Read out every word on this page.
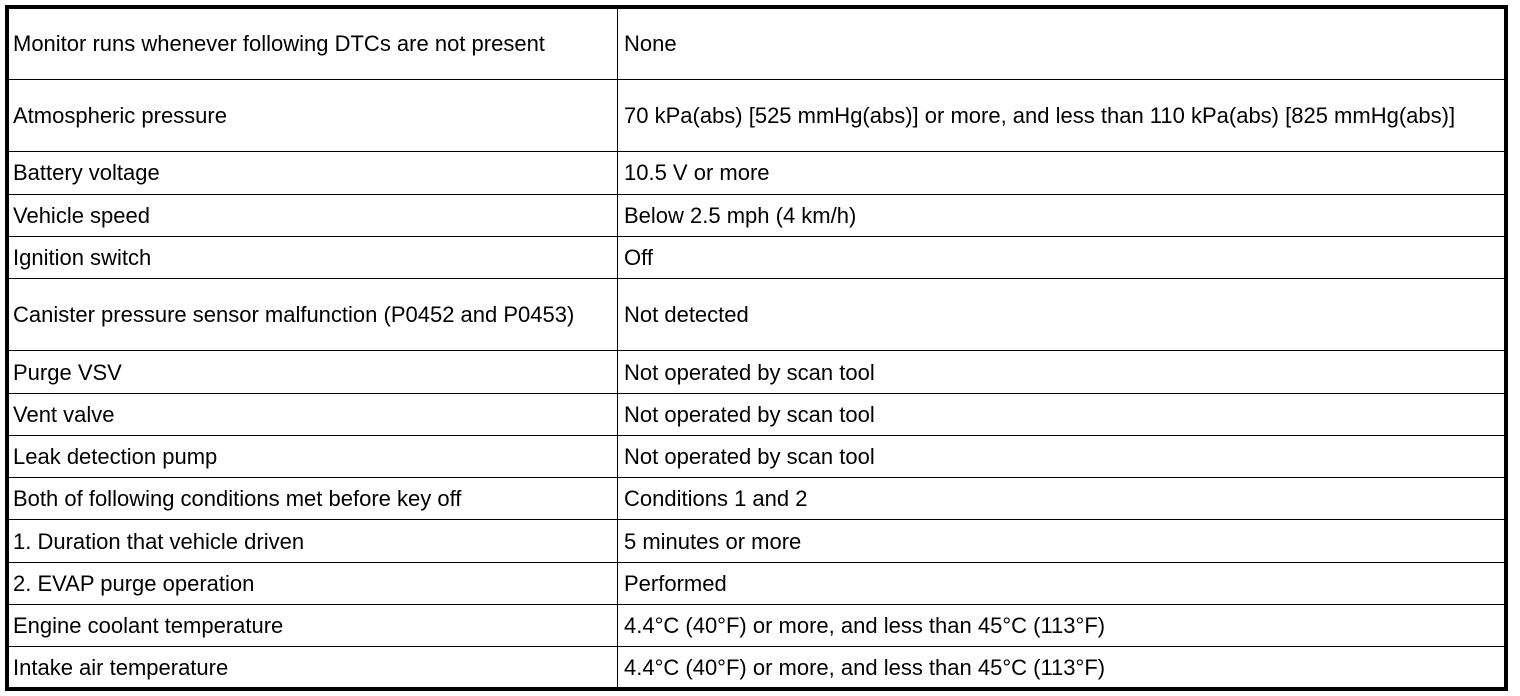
Monitor runs whenever following DTCs are not present	None
Atmospheric pressure	70 kPa(abs) [525 mmHg(abs)] or more, and less than 110 kPa(abs) [825 mmHg(abs)]
Battery voltage	10.5 V or more
Vehicle speed	Below 2.5 mph (4 km/h)
Ignition switch	Off
Canister pressure sensor malfunction (P0452 and P0453)	Not detected
Purge VSV	Not operated by scan tool
Vent valve	Not operated by scan tool
Leak detection pump	Not operated by scan tool
Both of following conditions met before key off	Conditions 1 and 2
1. Duration that vehicle driven	5 minutes or more
2. EVAP purge operation	Performed
Engine coolant temperature	4.4°C (40°F) or more, and less than 45°C (113°F)
Intake air temperature	4.4°C (40°F) or more, and less than 45°C (113°F)
